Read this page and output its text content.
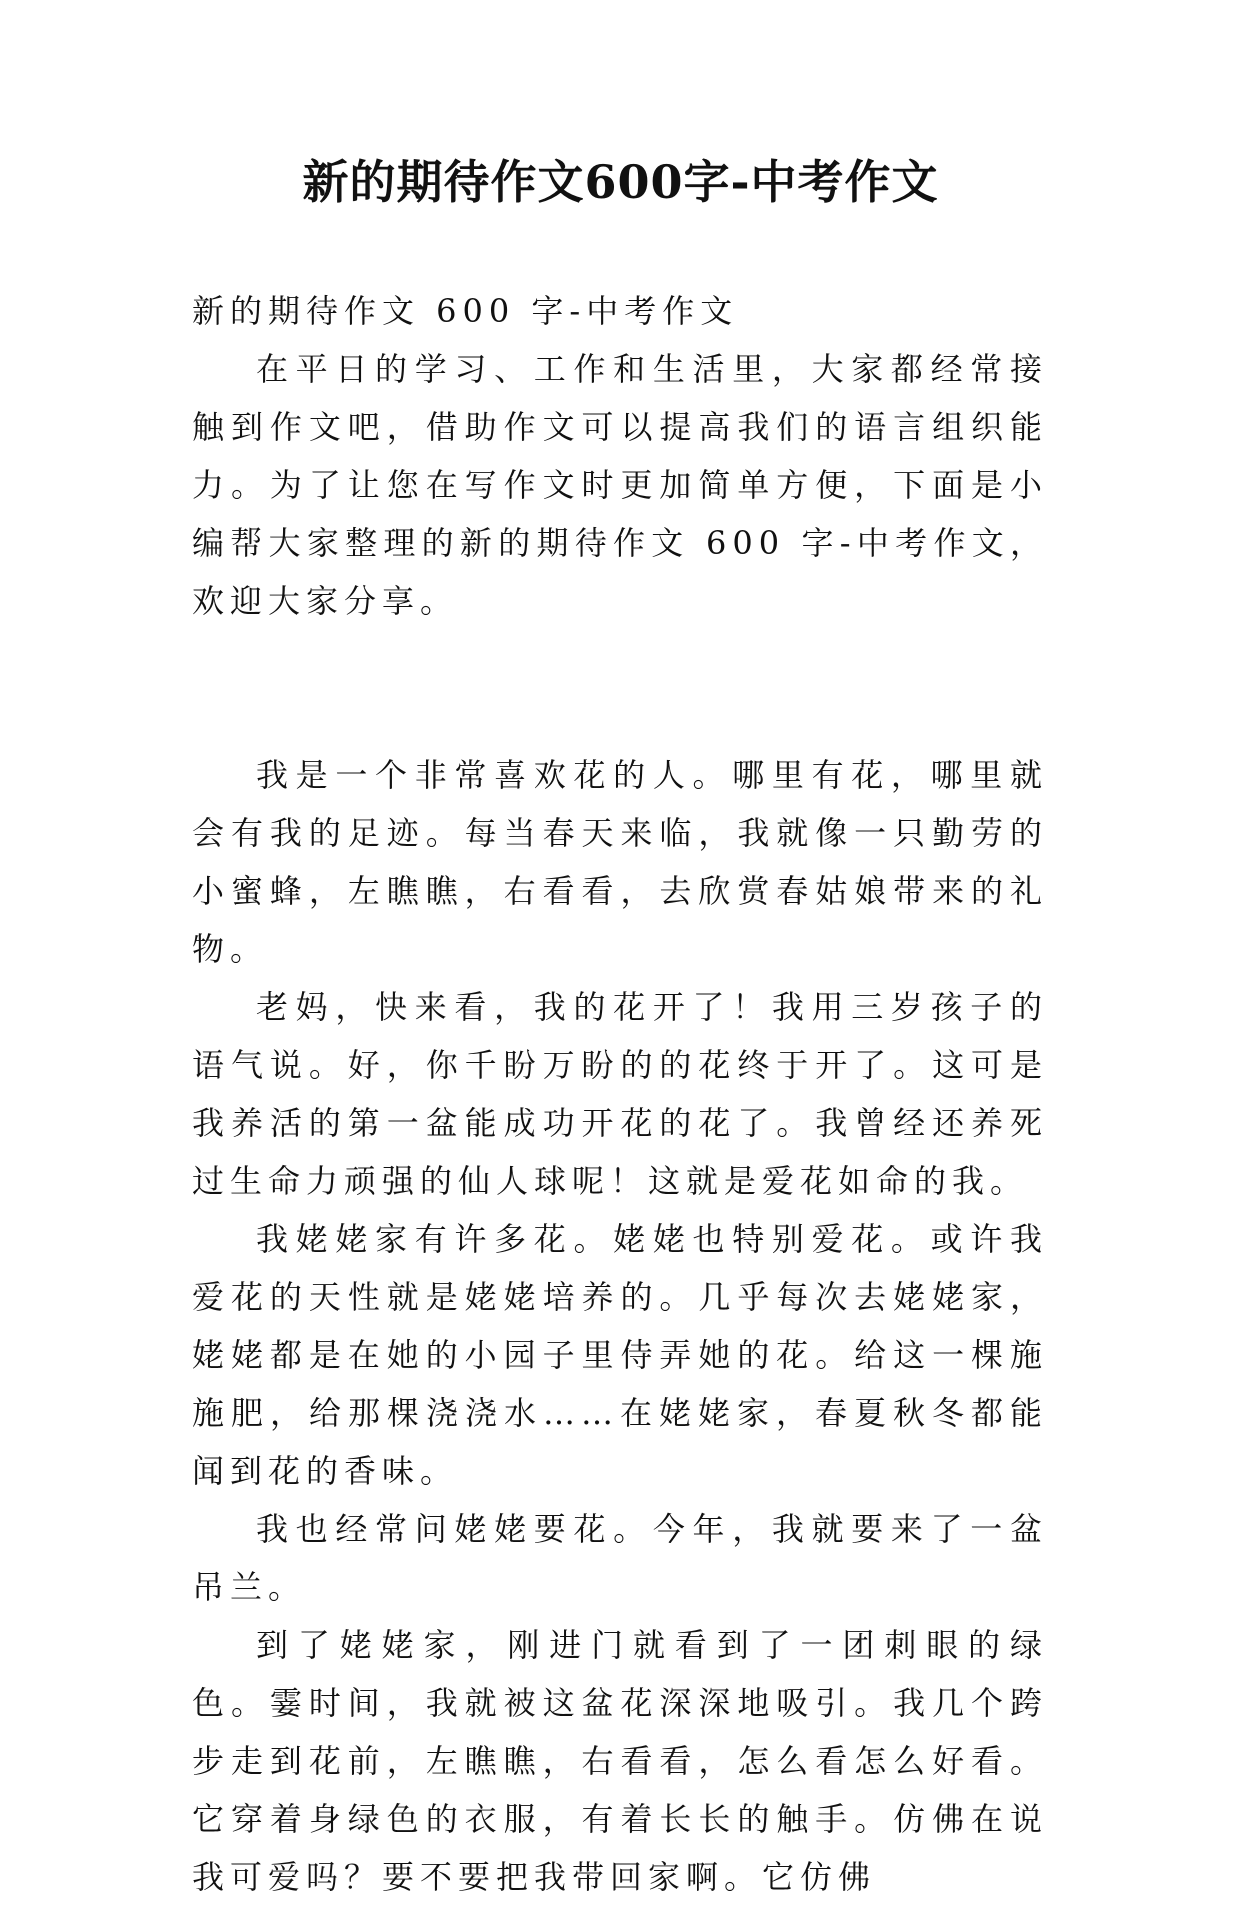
新的期待作文600字-中考作文

新的期待作文 600 字-中考作文

在平日的学习、工作和生活里，大家都经常接触到作文吧，借助作文可以提高我们的语言组织能力。为了让您在写作文时更加简单方便，下面是小编帮大家整理的新的期待作文 600 字-中考作文，欢迎大家分享。

我是一个非常喜欢花的人。哪里有花，哪里就会有我的足迹。每当春天来临，我就像一只勤劳的小蜜蜂，左瞧瞧，右看看，去欣赏春姑娘带来的礼物。

老妈，快来看，我的花开了！我用三岁孩子的语气说。好，你千盼万盼的的花终于开了。这可是我养活的第一盆能成功开花的花了。我曾经还养死过生命力顽强的仙人球呢！这就是爱花如命的我。

我姥姥家有许多花。姥姥也特别爱花。或许我爱花的天性就是姥姥培养的。几乎每次去姥姥家，姥姥都是在她的小园子里侍弄她的花。给这一棵施施肥，给那棵浇浇水……在姥姥家，春夏秋冬都能闻到花的香味。

我也经常问姥姥要花。今年，我就要来了一盆吊兰。

到了姥姥家，刚进门就看到了一团刺眼的绿色。霎时间，我就被这盆花深深地吸引。我几个跨步走到花前，左瞧瞧，右看看，怎么看怎么好看。它穿着身绿色的衣服，有着长长的触手。仿佛在说我可爱吗？要不要把我带回家啊。它仿佛
